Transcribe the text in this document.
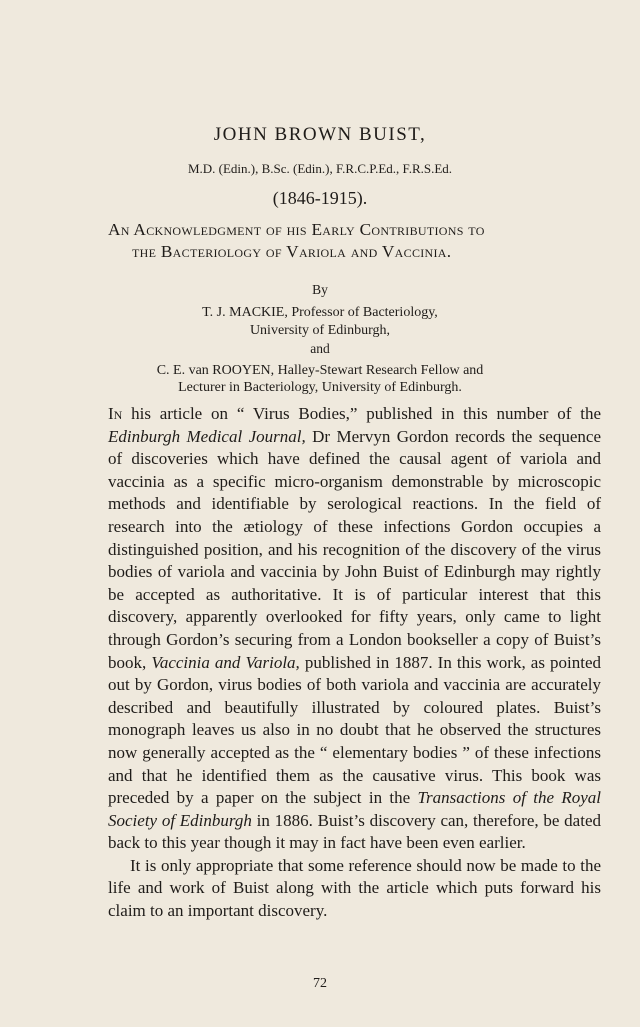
JOHN BROWN BUIST,
M.D. (Edin.), B.Sc. (Edin.), F.R.C.P.Ed., F.R.S.Ed.
(1846-1915).
An Acknowledgment of his Early Contributions to
the Bacteriology of Variola and Vaccinia.
By
T. J. MACKIE, Professor of Bacteriology,
University of Edinburgh,
and
C. E. van ROOYEN, Halley-Stewart Research Fellow and
Lecturer in Bacteriology, University of Edinburgh.

In his article on “ Virus Bodies,” published in this number of the Edinburgh Medical Journal, Dr Mervyn Gordon records the sequence of discoveries which have defined the causal agent of variola and vaccinia as a specific micro-organism demonstrable by microscopic methods and identifiable by serological reactions. In the field of research into the ætiology of these infections Gordon occupies a distinguished position, and his recognition of the discovery of the virus bodies of variola and vaccinia by John Buist of Edinburgh may rightly be accepted as authoritative. It is of particular interest that this discovery, apparently overlooked for fifty years, only came to light through Gordon’s securing from a London bookseller a copy of Buist’s book, Vaccinia and Variola, published in 1887. In this work, as pointed out by Gordon, virus bodies of both variola and vaccinia are accurately described and beautifully illustrated by coloured plates. Buist’s monograph leaves us also in no doubt that he observed the structures now generally accepted as the “ elementary bodies ” of these infections and that he identified them as the causative virus. This book was preceded by a paper on the subject in the Transactions of the Royal Society of Edinburgh in 1886. Buist’s discovery can, therefore, be dated back to this year though it may in fact have been even earlier.

It is only appropriate that some reference should now be made to the life and work of Buist along with the article which puts forward his claim to an important discovery.

72
